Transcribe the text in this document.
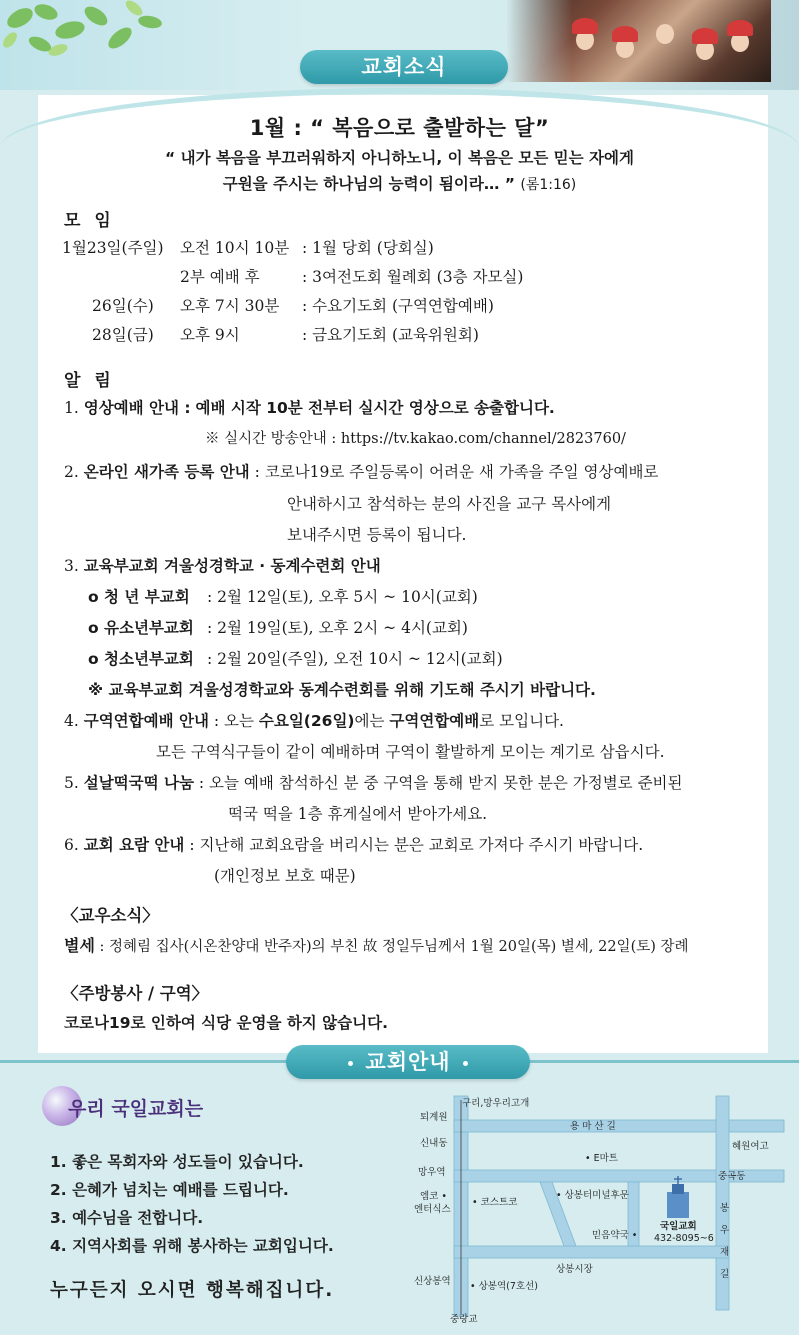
교회소식
1월 : “ 복음으로 출발하는 달”
“ 내가 복음을 부끄러워하지 아니하노니, 이 복음은 모든 믿는 자에게
구원을 주시는 하나님의 능력이 됨이라… ” (롬1:16)
모 임
1월23일(주일) 오전 10시 10분 : 1월 당회 (당회실)
2부 예배 후	: 3여전도회 월례회 (3층 자모실)
26일(수) 오후 7시 30분 : 수요기도회 (구역연합예배)
28일(금) 오후 9시	: 금요기도회 (교육위원회)
알 림
1. 영상예배 안내 : 예배 시작 10분 전부터 실시간 영상으로 송출합니다.
※ 실시간 방송안내 : https://tv.kakao.com/channel/2823760/
2. 온라인 새가족 등록 안내 : 코로나19로 주일등록이 어려운 새 가족을 주일 영상예배로
안내하시고 참석하는 분의 사진을 교구 목사에게
보내주시면 등록이 됩니다.
3. 교육부교회 겨울성경학교 · 동계수련회 안내
o 청 년 부교회 : 2월 12일(토), 오후 5시 ~ 10시(교회)
o 유소년부교회 : 2월 19일(토), 오후 2시 ~ 4시(교회)
o 청소년부교회 : 2월 20일(주일), 오전 10시 ~ 12시(교회)
※ 교육부교회 겨울성경학교와 동계수련회를 위해 기도해 주시기 바랍니다.
4. 구역연합예배 안내 : 오는 수요일(26일)에는 구역연합예배로 모입니다.
모든 구역식구들이 같이 예배하며 구역이 활발하게 모이는 계기로 삼읍시다.
5. 설날떡국떡 나눔 : 오늘 예배 참석하신 분 중 구역을 통해 받지 못한 분은 가정별로 준비된
떡국 떡을 1층 휴게실에서 받아가세요.
6. 교회 요람 안내 : 지난해 교회요람을 버리시는 분은 교회로 가져다 주시기 바랍니다.
(개인정보 보호 때문)
〈교우소식〉
별세 : 정혜림 집사(시온찬양대 반주자)의 부친 故 정일두님께서 1월 20일(목) 별세, 22일(토) 장례
〈주방봉사 / 구역〉
코로나19로 인하여 식당 운영을 하지 않습니다.
교회안내
우리 국일교회는
1. 좋은 목회자와 성도들이 있습니다.
2. 은혜가 넘치는 예배를 드립니다.
3. 예수님을 전합니다.
4. 지역사회를 위해 봉사하는 교회입니다.
누구든지 오시면 행복해집니다.
구리,망우리고개
퇴계원
신내동
망우역
엠코 •
엔터식스
신상봉역
중랑교
용 마 산 길
혜원여고
중곡동
• E마트
• 코스트코
• 상봉터미널후문
믿음약국 •
상봉시장
• 상봉역(7호선)
국일교회
432-8095~6
봉
우
재
길
